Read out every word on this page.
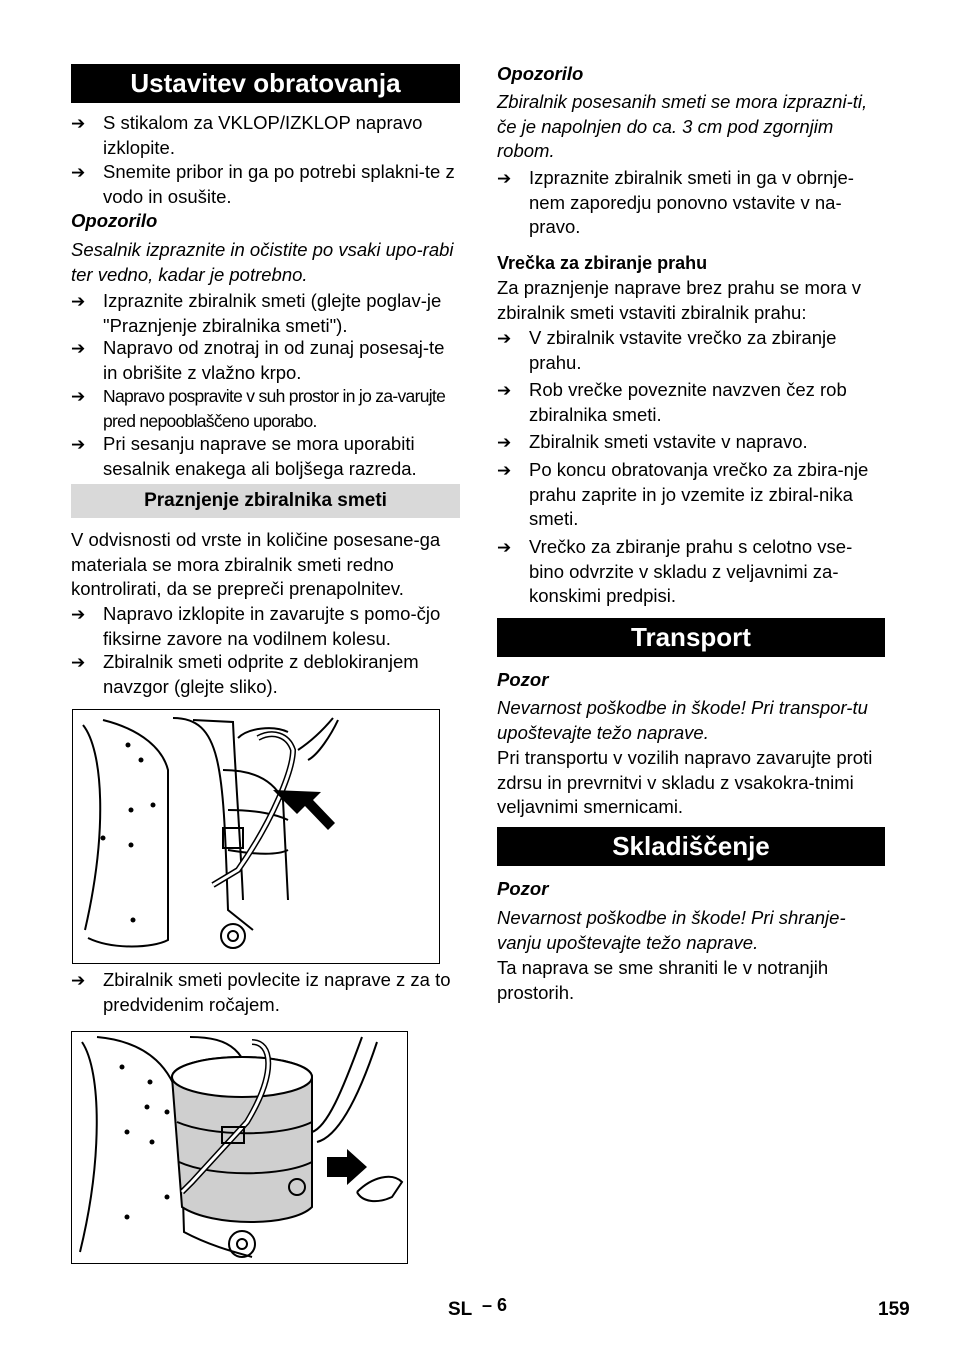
Ustavitev obratovanja
➔ S stikalom za VKLOP/IZKLOP napravo izklopite.
➔ Snemite pribor in ga po potrebi splakni-te z vodo in osušite.

Opozorilo

Sesalnik izpraznite in očistite po vsaki upo-rabi ter vedno, kadar je potrebno.

➔ Izpraznite zbiralnik smeti (glejte poglav-je "Praznjenje zbiralnika smeti").
➔ Napravo od znotraj in od zunaj posesaj-te in obrišite z vlažno krpo.
➔ Napravo pospravite v suh prostor in jo za-varujte pred nepooblaščeno uporabo.
➔ Pri sesanju naprave se mora uporabiti sesalnik enakega ali boljšega razreda.
Praznjenje zbiralnika smeti

V odvisnosti od vrste in količine posesane-ga materiala se mora zbiralnik smeti redno kontrolirati, da se prepreči prenapolnitev.

➔ Napravo izklopite in zavarujte s pomo-čjo fiksirne zavore na vodilnem kolesu.
➔ Zbiralnik smeti odprite z deblokiranjem navzgor (glejte sliko).
➔ Zbiralnik smeti povlecite iz naprave z za to predvidenim ročajem.

Opozorilo

Zbiralnik posesanih smeti se mora izprazni-ti, če je napolnjen do ca. 3 cm pod zgornjim robom.

➔ Izpraznite zbiralnik smeti in ga v obrnje-nem zaporedju ponovno vstavite v na-pravo.

Vrečka za zbiranje prahu

Za praznjenje naprave brez prahu se mora v zbiralnik smeti vstaviti zbiralnik prahu:

➔ V zbiralnik vstavite vrečko za zbiranje prahu.
➔ Rob vrečke poveznite navzven čez rob zbiralnika smeti.
➔ Zbiralnik smeti vstavite v napravo.
➔ Po koncu obratovanja vrečko za zbira-nje prahu zaprite in jo vzemite iz zbiral-nika smeti.
➔ Vrečko za zbiranje prahu s celotno vse-bino odvrzite v skladu z veljavnimi za-konskimi predpisi.
Transport

Pozor

Nevarnost poškodbe in škode! Pri transpor-tu upoštevajte težo naprave.

Pri transportu v vozilih napravo zavarujte proti zdrsu in prevrnitvi v skladu z vsakokra-tnimi veljavnimi smernicami.

Skladiščenje

Pozor

Nevarnost poškodbe in škode! Pri shranje-vanju upoštevajte težo naprave.

Ta naprava se sme shraniti le v notranjih prostorih.

SL – 6	159
